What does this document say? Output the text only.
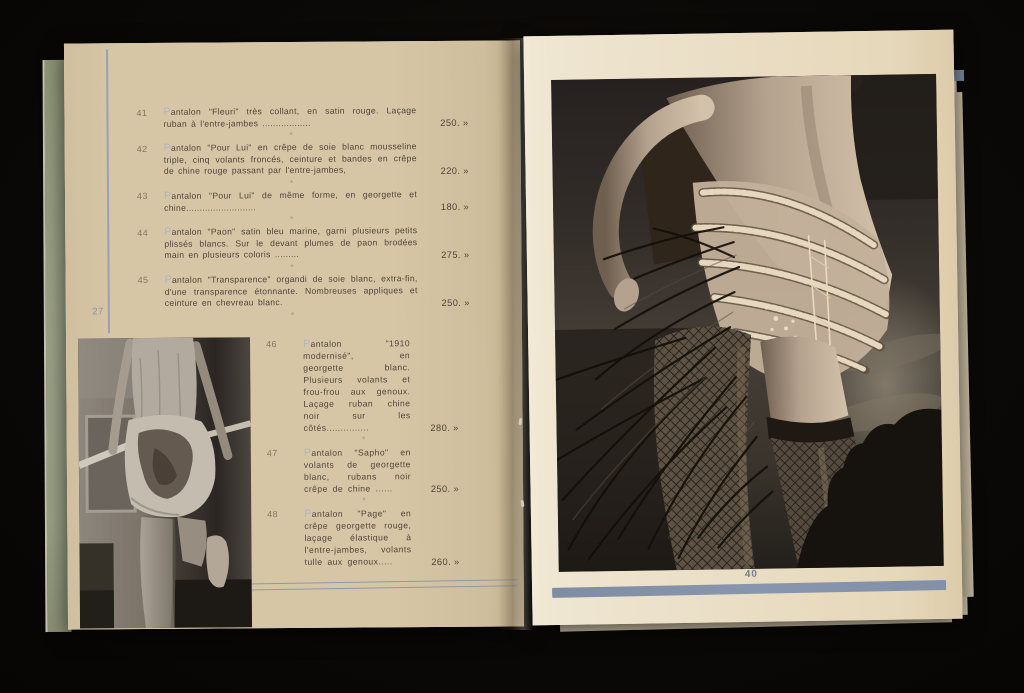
27
41	Pantalon "Fleuri" très collant, en satin rouge. Laçage ruban à l'entre-jambes ..................	250. »
*
42	Pantalon "Pour Lui" en crêpe de soie blanc mousseline triple, cinq volants froncés, ceinture et bandes en crêpe de chine rouge passant par l'entre-jambes,	220. »
*
43	Pantalon "Pour Lui" de même forme, en georgette et chine..........................	180. »
*
44	Pantalon "Paon" satin bleu marine, garni plusieurs petits plissés blancs. Sur le devant plumes de paon brodées main en plusieurs coloris .........	275. »
*
45	Pantalon "Transparence" organdi de soie blanc, extra-fin, d'une transparence étonnante. Nombreuses appliques et ceinture en chevreau blanc.	250. »
*
46	Pantalon "1910 modernisé", en georgette blanc. Plusieurs volants et frou-frou aux genoux. Laçage ruban chine noir sur les côtés...............	280. »
*
47	Pantalon "Sapho" en volants de georgette blanc, rubans noir crêpe de chine ......	250. »
*
48	Pantalon "Page" en crêpe georgette rouge, laçage élastique à l'entre-jambes, volants tulle aux genoux.....	260. »
40
